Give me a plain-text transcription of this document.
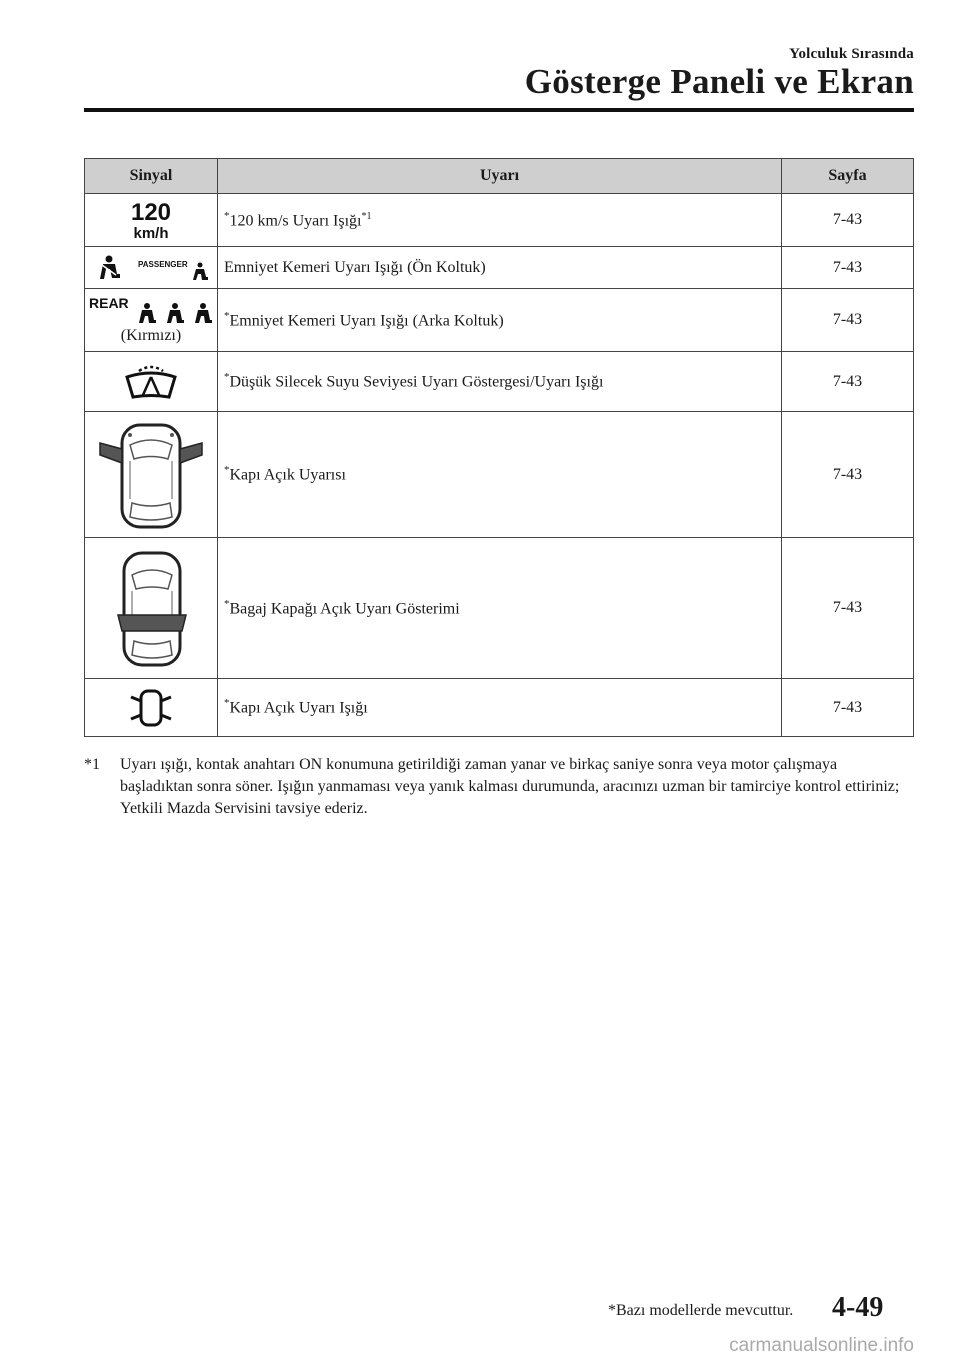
Yolculuk Sırasında
Gösterge Paneli ve Ekran
Sinyal	Uyarı	Sayfa

120
km/h	*120 km/s Uyarı Işığı$^{*1}$	7-43

PASSENGER	Emniyet Kemeri Uyarı Işığı (Ön Koltuk)	7-43

REAR
(Kırmızı)	*Emniyet Kemeri Uyarı Işığı (Arka Koltuk)	7-43

	*Düşük Silecek Suyu Seviyesi Uyarı Göstergesi/Uyarı Işığı	7-43

	*Kapı Açık Uyarısı	7-43

	*Bagaj Kapağı Açık Uyarı Gösterimi	7-43

	*Kapı Açık Uyarı Işığı	7-43
*1 Uyarı ışığı, kontak anahtarı ON konumuna getirildiği zaman yanar ve birkaç saniye sonra veya motor çalışmaya başladıktan sonra söner. Işığın yanmaması veya yanık kalması durumunda, aracınızı uzman bir tamirciye kontrol ettiriniz; Yetkili Mazda Servisini tavsiye ederiz.
*Bazı modellerde mevcuttur. 4-49
carmanualsonline.info
